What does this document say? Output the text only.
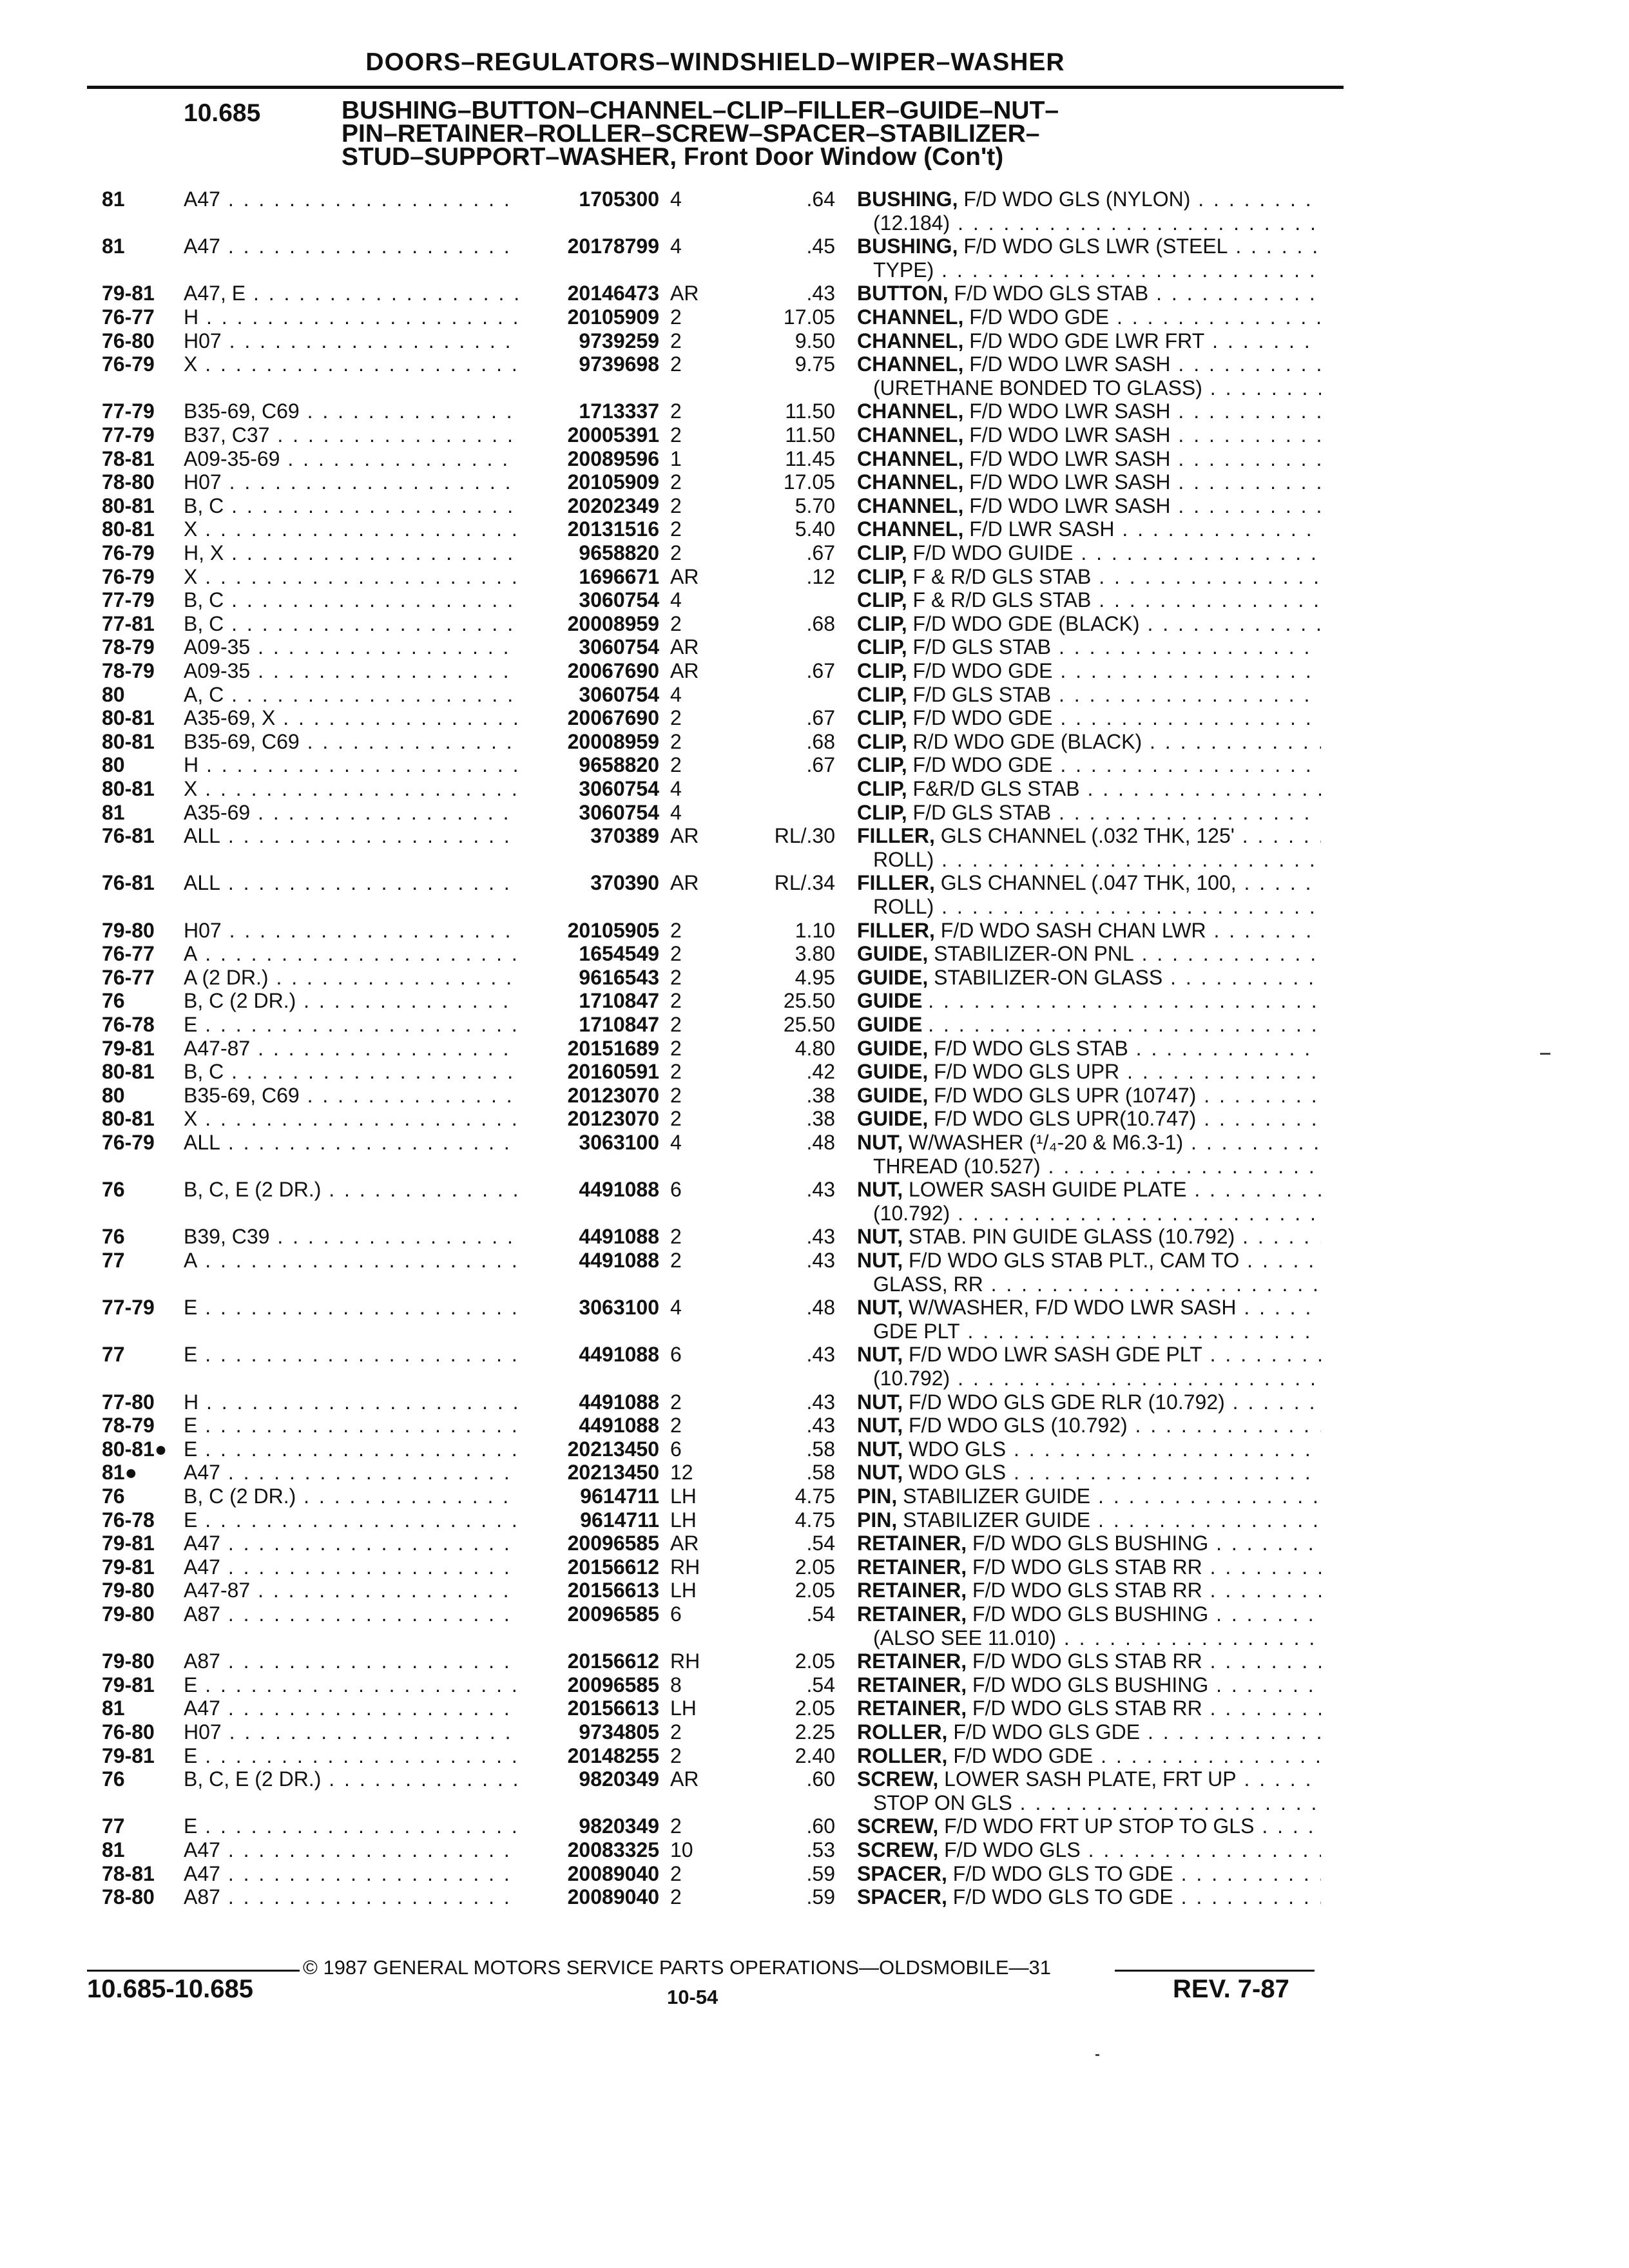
DOORS–REGULATORS–WINDSHIELD–WIPER–WASHER
10.685	BUSHING–BUTTON–CHANNEL–CLIP–FILLER–GUIDE–NUT–
PIN–RETAINER–ROLLER–SCREW–SPACER–STABILIZER–
STUD–SUPPORT–WASHER, Front Door Window (Con't)
81	A47 . . .	1705300 4	.64 BUSHING, F/D WDO GLS (NYLON) . . .
(12.184) . . .
81	A47 . . .	20178799 4	.45 BUSHING, F/D WDO GLS LWR (STEEL . . .
TYPE) . . .
79-81	A47, E . . .	20146473 AR	.43 BUTTON, F/D WDO GLS STAB . . .
76-77	H . . .	20105909 2	17.05 CHANNEL, F/D WDO GDE . . .
76-80	H07 . . .	9739259 2	9.50 CHANNEL, F/D WDO GDE LWR FRT . . .
76-79	X . . .	9739698 2	9.75 CHANNEL, F/D WDO LWR SASH . . .
(URETHANE BONDED TO GLASS) . . .
77-79	B35-69, C69 . . .	1713337 2	11.50 CHANNEL, F/D WDO LWR SASH . . .
77-79	B37, C37 . . .	20005391 2	11.50 CHANNEL, F/D WDO LWR SASH . . .
78-81	A09-35-69 . . .	20089596 1	11.45 CHANNEL, F/D WDO LWR SASH . . .
78-80	H07 . . .	20105909 2	17.05 CHANNEL, F/D WDO LWR SASH . . .
80-81	B, C . . .	20202349 2	5.70 CHANNEL, F/D WDO LWR SASH . . .
80-81	X . . .	20131516 2	5.40 CHANNEL, F/D LWR SASH . . .
76-79	H, X . . .	9658820 2	.67 CLIP, F/D WDO GUIDE . . .
76-79	X . . .	1696671 AR	.12 CLIP, F & R/D GLS STAB . . .
77-79	B, C . . .	3060754 4	CLIP, F & R/D GLS STAB . . .
77-81	B, C . . .	20008959 2	.68 CLIP, F/D WDO GDE (BLACK) . . .
78-79	A09-35 . . .	3060754 AR	CLIP, F/D GLS STAB . . .
78-79	A09-35 . . .	20067690 AR	.67 CLIP, F/D WDO GDE . . .
80	A, C . . .	3060754 4	CLIP, F/D GLS STAB . . .
80-81	A35-69, X . . .	20067690 2	.67 CLIP, F/D WDO GDE . . .
80-81	B35-69, C69 . . .	20008959 2	.68 CLIP, R/D WDO GDE (BLACK) . . .
80	H . . .	9658820 2	.67 CLIP, F/D WDO GDE . . .
80-81	X . . .	3060754 4	CLIP, F&R/D GLS STAB . . .
81	A35-69 . . .	3060754 4	CLIP, F/D GLS STAB . . .
76-81	ALL . . .	370389 AR	RL/.30 FILLER, GLS CHANNEL (.032 THK, 125' . . .
ROLL) . . .
76-81	ALL . . .	370390 AR	RL/.34 FILLER, GLS CHANNEL (.047 THK, 100, . . .
ROLL) . . .
79-80	H07 . . .	20105905 2	1.10 FILLER, F/D WDO SASH CHAN LWR . . .
76-77	A . . .	1654549 2	3.80 GUIDE, STABILIZER-ON PNL . . .
76-77	A (2 DR.) . . .	9616543 2	4.95 GUIDE, STABILIZER-ON GLASS . . .
76	B, C (2 DR.) . . .	1710847 2	25.50 GUIDE . . .
76-78	E . . .	1710847 2	25.50 GUIDE . . .
79-81	A47-87 . . .	20151689 2	4.80 GUIDE, F/D WDO GLS STAB . . .
80-81	B, C . . .	20160591 2	.42 GUIDE, F/D WDO GLS UPR . . .
80	B35-69, C69 . . .	20123070 2	.38 GUIDE, F/D WDO GLS UPR (10747) . . .
80-81	X . . .	20123070 2	.38 GUIDE, F/D WDO GLS UPR(10.747) . . .
76-79	ALL . . .	3063100 4	.48 NUT, W/WASHER (¹/₄-20 & M6.3-1) . . .
THREAD (10.527) . . .
76	B, C, E (2 DR.) . . .	4491088 6	.43 NUT, LOWER SASH GUIDE PLATE . . .
(10.792) . . .
76	B39, C39 . . .	4491088 2	.43 NUT, STAB. PIN GUIDE GLASS (10.792) . . .
77	A . . .	4491088 2	.43 NUT, F/D WDO GLS STAB PLT., CAM TO . . .
GLASS, RR . . .
77-79	E . . .	3063100 4	.48 NUT, W/WASHER, F/D WDO LWR SASH . . .
GDE PLT . . .
77	E . . .	4491088 6	.43 NUT, F/D WDO LWR SASH GDE PLT . . .
(10.792) . . .
77-80	H . . .	4491088 2	.43 NUT, F/D WDO GLS GDE RLR (10.792) . . .
78-79	E . . .	4491088 2	.43 NUT, F/D WDO GLS (10.792) . . .
80-81● E . . .	20213450 6	.58 NUT, WDO GLS . . .
81●	A47 . . .	20213450 12	.58 NUT, WDO GLS . . .
76	B, C (2 DR.) . . .	9614711 LH	4.75 PIN, STABILIZER GUIDE . . .
76-78	E . . .	9614711 LH	4.75 PIN, STABILIZER GUIDE . . .
79-81	A47 . . .	20096585 AR	.54 RETAINER, F/D WDO GLS BUSHING . . .
79-81	A47 . . .	20156612 RH	2.05 RETAINER, F/D WDO GLS STAB RR . . .
79-80	A47-87 . . .	20156613 LH	2.05 RETAINER, F/D WDO GLS STAB RR . . .
79-80	A87 . . .	20096585 6	.54 RETAINER, F/D WDO GLS BUSHING . . .
(ALSO SEE 11.010) . . .
79-80	A87 . . .	20156612 RH	2.05 RETAINER, F/D WDO GLS STAB RR . . .
79-81	E . . .	20096585 8	.54 RETAINER, F/D WDO GLS BUSHING . . .
81	A47 . . .	20156613 LH	2.05 RETAINER, F/D WDO GLS STAB RR . . .
76-80	H07 . . .	9734805 2	2.25 ROLLER, F/D WDO GLS GDE . . .
79-81	E . . .	20148255 2	2.40 ROLLER, F/D WDO GDE . . .
76	B, C, E (2 DR.) . . .	9820349 AR	.60 SCREW, LOWER SASH PLATE, FRT UP . . .
STOP ON GLS . . .
77	E . . .	9820349 2	.60 SCREW, F/D WDO FRT UP STOP TO GLS . . .
81	A47 . . .	20083325 10	.53 SCREW, F/D WDO GLS . . .
78-81	A47 . . .	20089040 2	.59 SPACER, F/D WDO GLS TO GDE . . .
78-80	A87 . . .	20089040 2	.59 SPACER, F/D WDO GLS TO GDE . . .
© 1987 GENERAL MOTORS SERVICE PARTS OPERATIONS—OLDSMOBILE—31
10.685-10.685	10-54	REV. 7-87
